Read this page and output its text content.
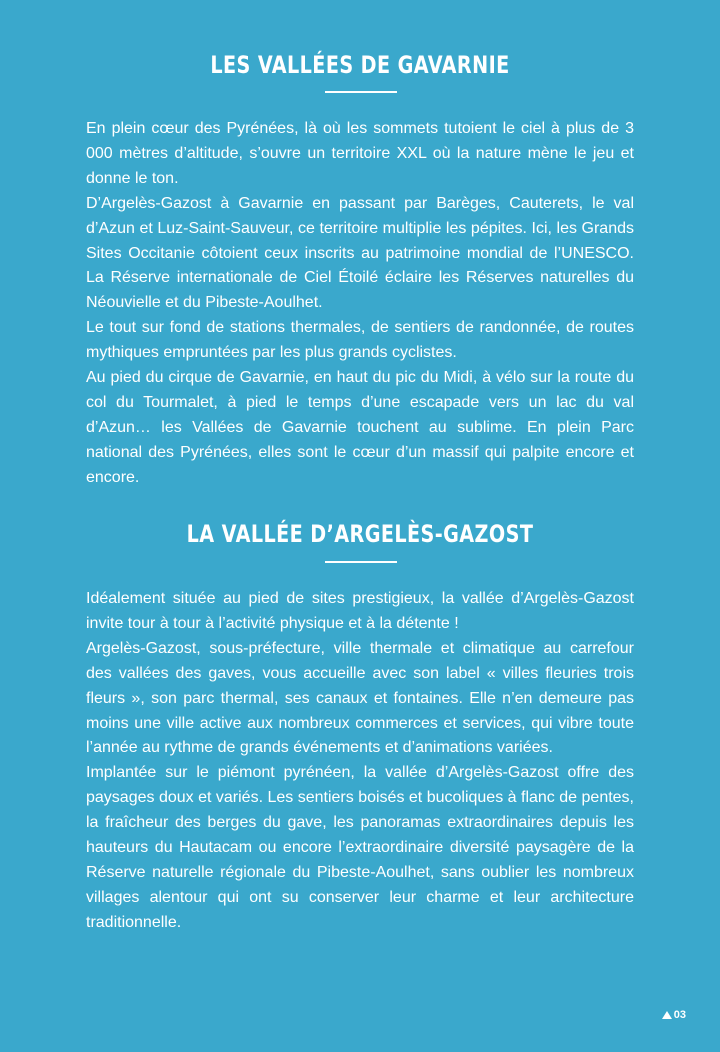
LES VALLÉES DE GAVARNIE

En plein cœur des Pyrénées, là où les sommets tutoient le ciel à plus de 3 000 mètres d’altitude, s’ouvre un territoire XXL où la nature mène le jeu et donne le ton.

D’Argelès-Gazost à Gavarnie en passant par Barèges, Cauterets, le val d’Azun et Luz-Saint-Sauveur, ce territoire multiplie les pépites. Ici, les Grands Sites Occitanie côtoient ceux inscrits au patrimoine mondial de l’UNESCO. La Réserve internationale de Ciel Étoilé éclaire les Réserves naturelles du Néouvielle et du Pibeste-Aoulhet.

Le tout sur fond de stations thermales, de sentiers de randonnée, de routes mythiques empruntées par les plus grands cyclistes.

Au pied du cirque de Gavarnie, en haut du pic du Midi, à vélo sur la route du col du Tourmalet, à pied le temps d’une escapade vers un lac du val d’Azun… les Vallées de Gavarnie touchent au sublime. En plein Parc national des Pyrénées, elles sont le cœur d’un massif qui palpite encore et encore.

LA VALLÉE D’ARGELÈS-GAZOST

Idéalement située au pied de sites prestigieux, la vallée d’Argelès-Gazost invite tour à tour à l’activité physique et à la détente !

Argelès-Gazost, sous-préfecture, ville thermale et climatique au carrefour des vallées des gaves, vous accueille avec son label « villes fleuries trois fleurs », son parc thermal, ses canaux et fontaines. Elle n’en demeure pas moins une ville active aux nombreux commerces et services, qui vibre toute l’année au rythme de grands événements et d’animations variées.

Implantée sur le piémont pyrénéen, la vallée d’Argelès-Gazost offre des paysages doux et variés. Les sentiers boisés et bucoliques à flanc de pentes, la fraîcheur des berges du gave, les panoramas extraordinaires depuis les hauteurs du Hautacam ou encore l’extraordinaire diversité paysagère de la Réserve naturelle régionale du Pibeste-Aoulhet, sans oublier les nombreux villages alentour qui ont su conserver leur charme et leur architecture traditionnelle.

03
